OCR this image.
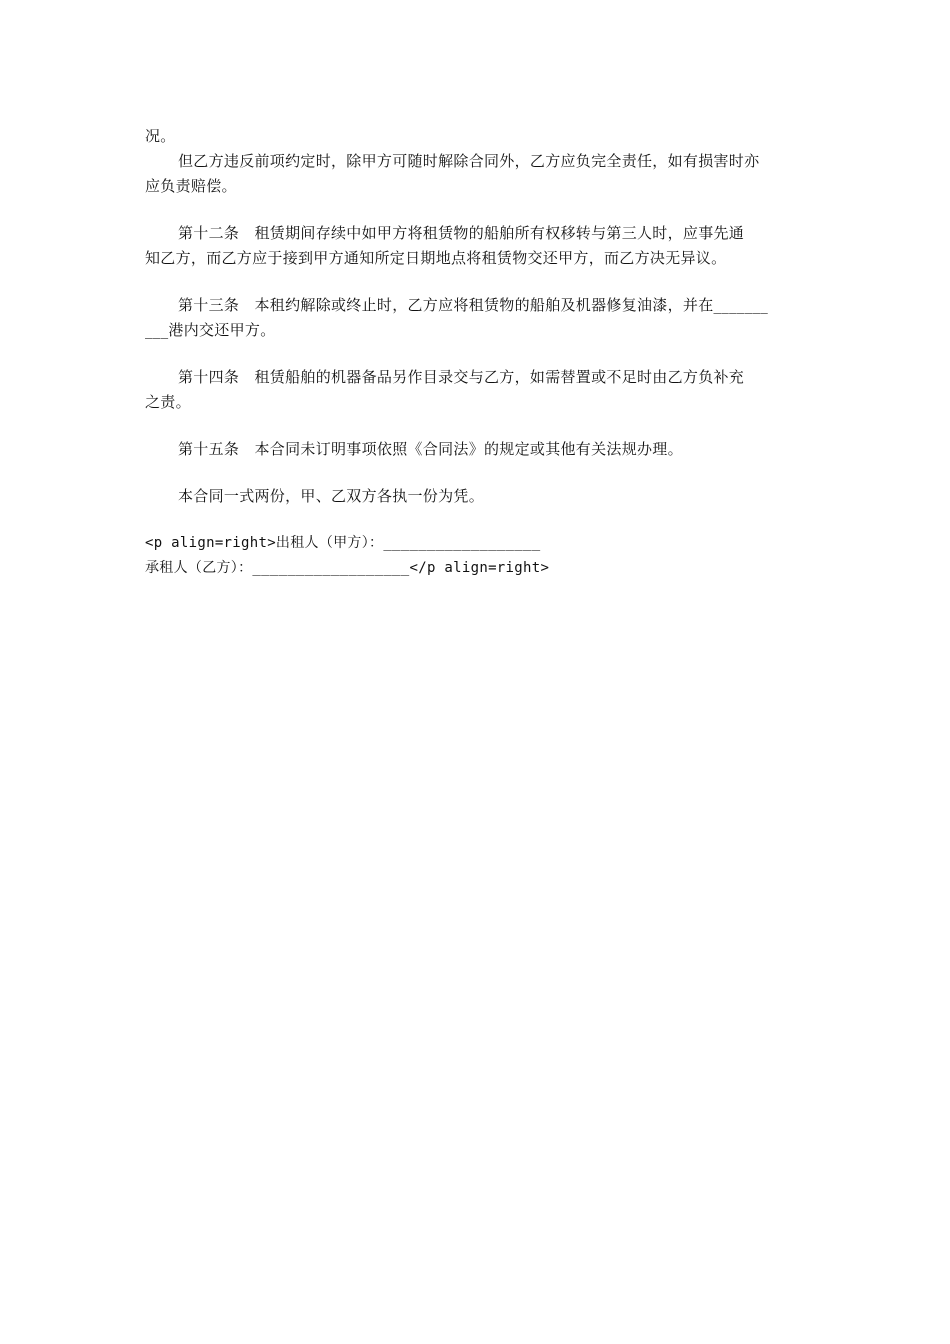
况。
但乙方违反前项约定时，除甲方可随时解除合同外，乙方应负完全责任，如有损害时亦
应负责赔偿。
第十二条　租赁期间存续中如甲方将租赁物的船舶所有权移转与第三人时，应事先通
知乙方，而乙方应于接到甲方通知所定日期地点将租赁物交还甲方，而乙方决无异议。
第十三条　本租约解除或终止时，乙方应将租赁物的船舶及机器修复油漆，并在_______
___港内交还甲方。
第十四条　租赁船舶的机器备品另作目录交与乙方，如需替置或不足时由乙方负补充
之责。
第十五条　本合同未订明事项依照《合同法》的规定或其他有关法规办理。
本合同一式两份，甲、乙双方各执一份为凭。
<p align=right>出租人（甲方）：__________________
承租人（乙方）：__________________</p align=right>
